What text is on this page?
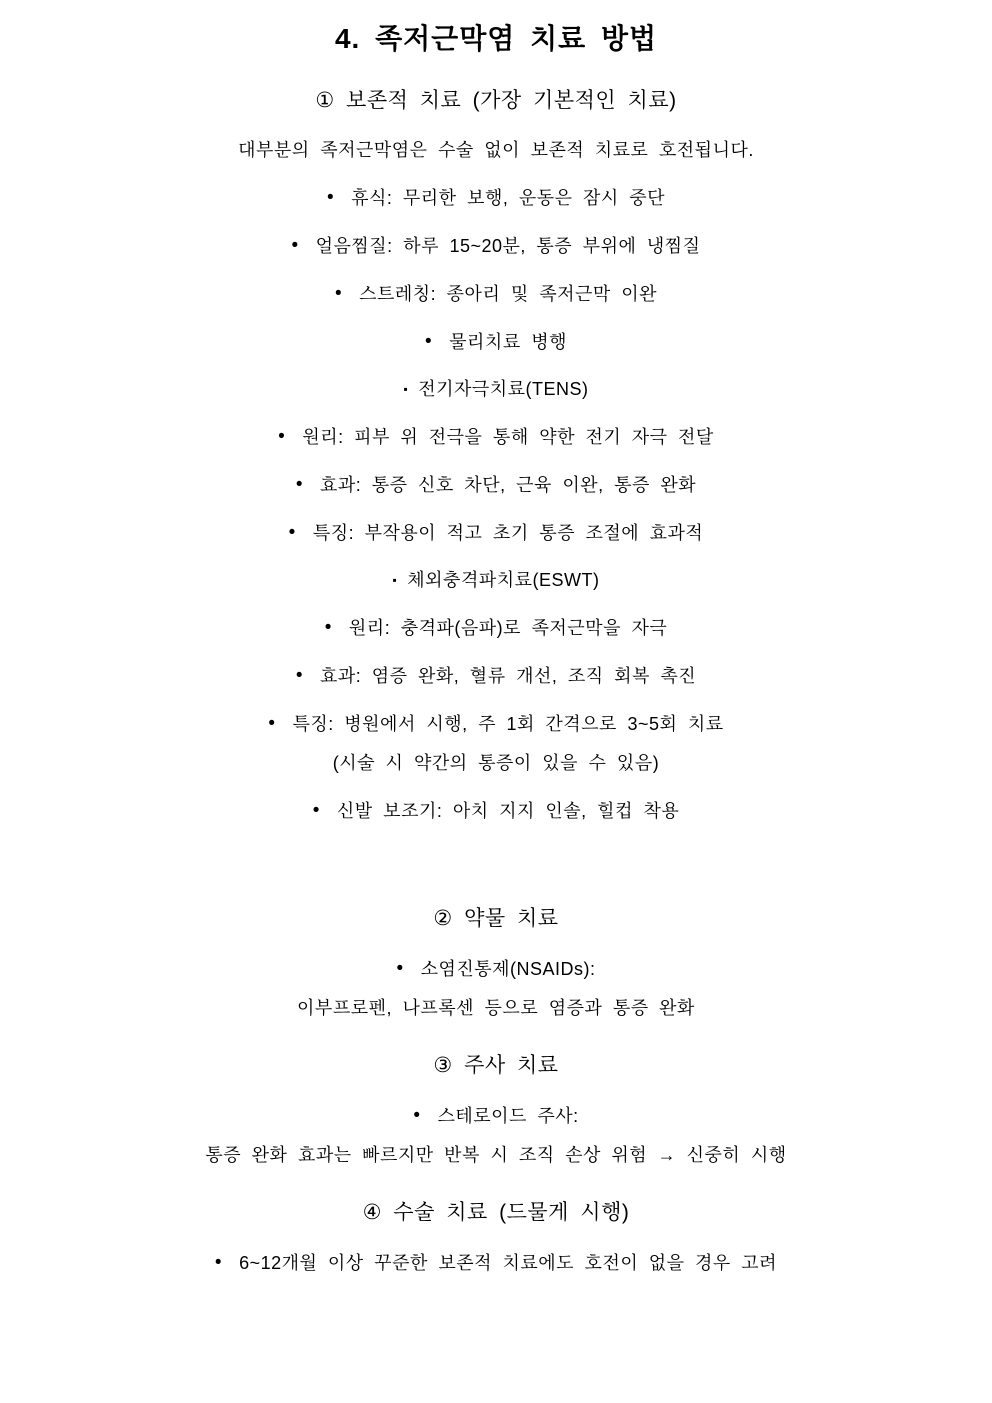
4. 족저근막염 치료 방법
① 보존적 치료 (가장 기본적인 치료)
대부분의 족저근막염은 수술 없이 보존적 치료로 호전됩니다.
• 휴식: 무리한 보행, 운동은 잠시 중단
• 얼음찜질: 하루 15~20분, 통증 부위에 냉찜질
• 스트레칭: 종아리 및 족저근막 이완
• 물리치료 병행
▪ 전기자극치료(TENS)
• 원리: 피부 위 전극을 통해 약한 전기 자극 전달
• 효과: 통증 신호 차단, 근육 이완, 통증 완화
• 특징: 부작용이 적고 초기 통증 조절에 효과적
▪ 체외충격파치료(ESWT)
• 원리: 충격파(음파)로 족저근막을 자극
• 효과: 염증 완화, 혈류 개선, 조직 회복 촉진
• 특징: 병원에서 시행, 주 1회 간격으로 3~5회 치료
(시술 시 약간의 통증이 있을 수 있음)
• 신발 보조기: 아치 지지 인솔, 힐컵 착용
② 약물 치료
• 소염진통제(NSAIDs):
이부프로펜, 나프록센 등으로 염증과 통증 완화
③ 주사 치료
• 스테로이드 주사:
통증 완화 효과는 빠르지만 반복 시 조직 손상 위험 → 신중히 시행
④ 수술 치료 (드물게 시행)
• 6~12개월 이상 꾸준한 보존적 치료에도 호전이 없을 경우 고려
